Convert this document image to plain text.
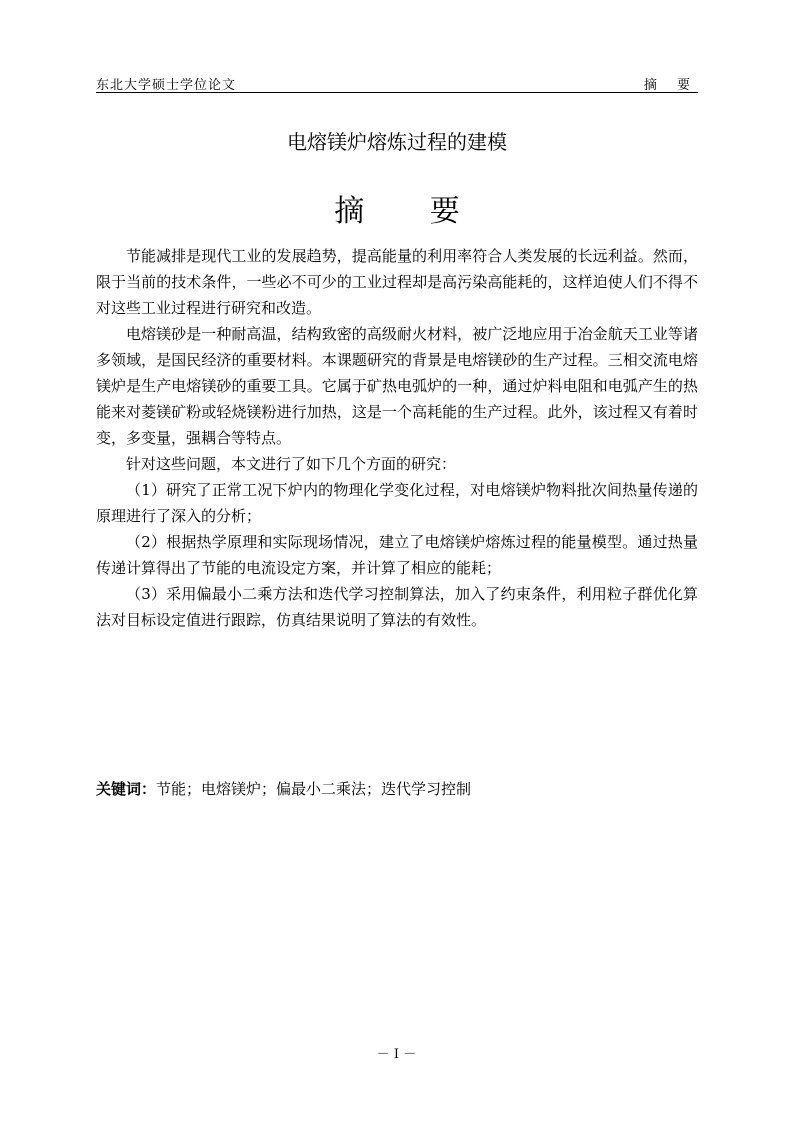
东北大学硕士学位论文	摘 要
电熔镁炉熔炼过程的建模
摘 要

节能减排是现代工业的发展趋势，提高能量的利用率符合人类发展的长远利益。然而，限于当前的技术条件，一些必不可少的工业过程却是高污染高能耗的，这样迫使人们不得不对这些工业过程进行研究和改造。

电熔镁砂是一种耐高温，结构致密的高级耐火材料，被广泛地应用于冶金航天工业等诸多领域，是国民经济的重要材料。本课题研究的背景是电熔镁砂的生产过程。三相交流电熔镁炉是生产电熔镁砂的重要工具。它属于矿热电弧炉的一种，通过炉料电阻和电弧产生的热能来对菱镁矿粉或轻烧镁粉进行加热，这是一个高耗能的生产过程。此外，该过程又有着时变，多变量，强耦合等特点。

针对这些问题，本文进行了如下几个方面的研究：

（1）研究了正常工况下炉内的物理化学变化过程，对电熔镁炉物料批次间热量传递的原理进行了深入的分析；

（2）根据热学原理和实际现场情况，建立了电熔镁炉熔炼过程的能量模型。通过热量传递计算得出了节能的电流设定方案，并计算了相应的能耗；

（3）采用偏最小二乘方法和迭代学习控制算法，加入了约束条件，利用粒子群优化算法对目标设定值进行跟踪，仿真结果说明了算法的有效性。

关键词：节能；电熔镁炉；偏最小二乘法；迭代学习控制
－ I －
